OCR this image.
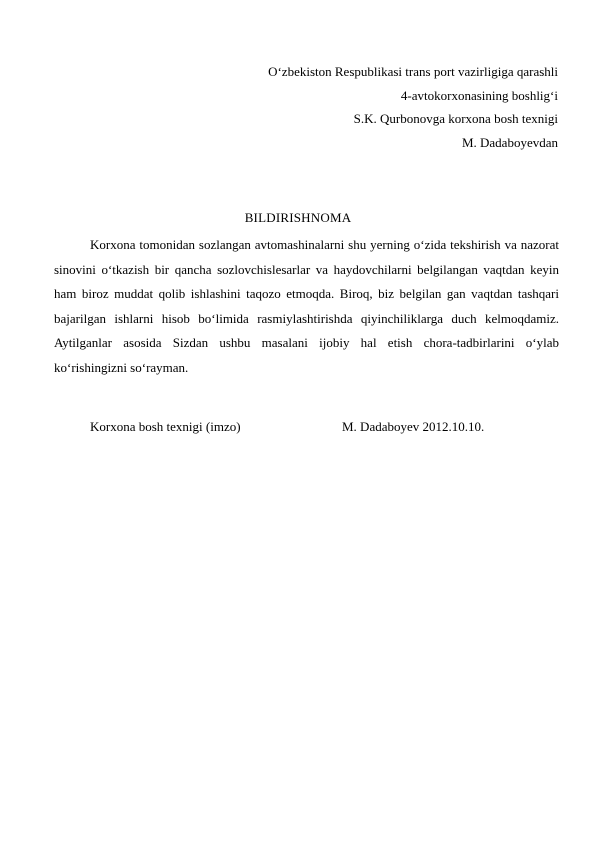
O‘zbekiston Respublikasi trans port vazirligiga qarashli
4-avtokorxonasining boshlig‘i
S.K. Qurbonovga korxona bosh texnigi
M. Dadaboyevdan
BILDIRISHNOMA

Korxona tomonidan sozlangan avtomashinalarni shu yerning o‘zida tekshirish va nazorat sinovini o‘tkazish bir qancha sozlovchislesarlar va haydovchilarni belgilangan vaqtdan keyin ham biroz muddat qolib ishlashini taqozo etmoqda. Biroq, biz belgilan gan vaqtdan tashqari bajarilgan ishlarni hisob bo‘limida rasmiylashtirishda qiyinchiliklarga duch kelmoqdamiz. Aytilganlar asosida Sizdan ushbu masalani ijobiy hal etish chora-tadbirlarini o‘ylab ko‘rishingizni so‘rayman.

Korxona bosh texnigi (imzo)	M. Dadaboyev 2012.10.10.
